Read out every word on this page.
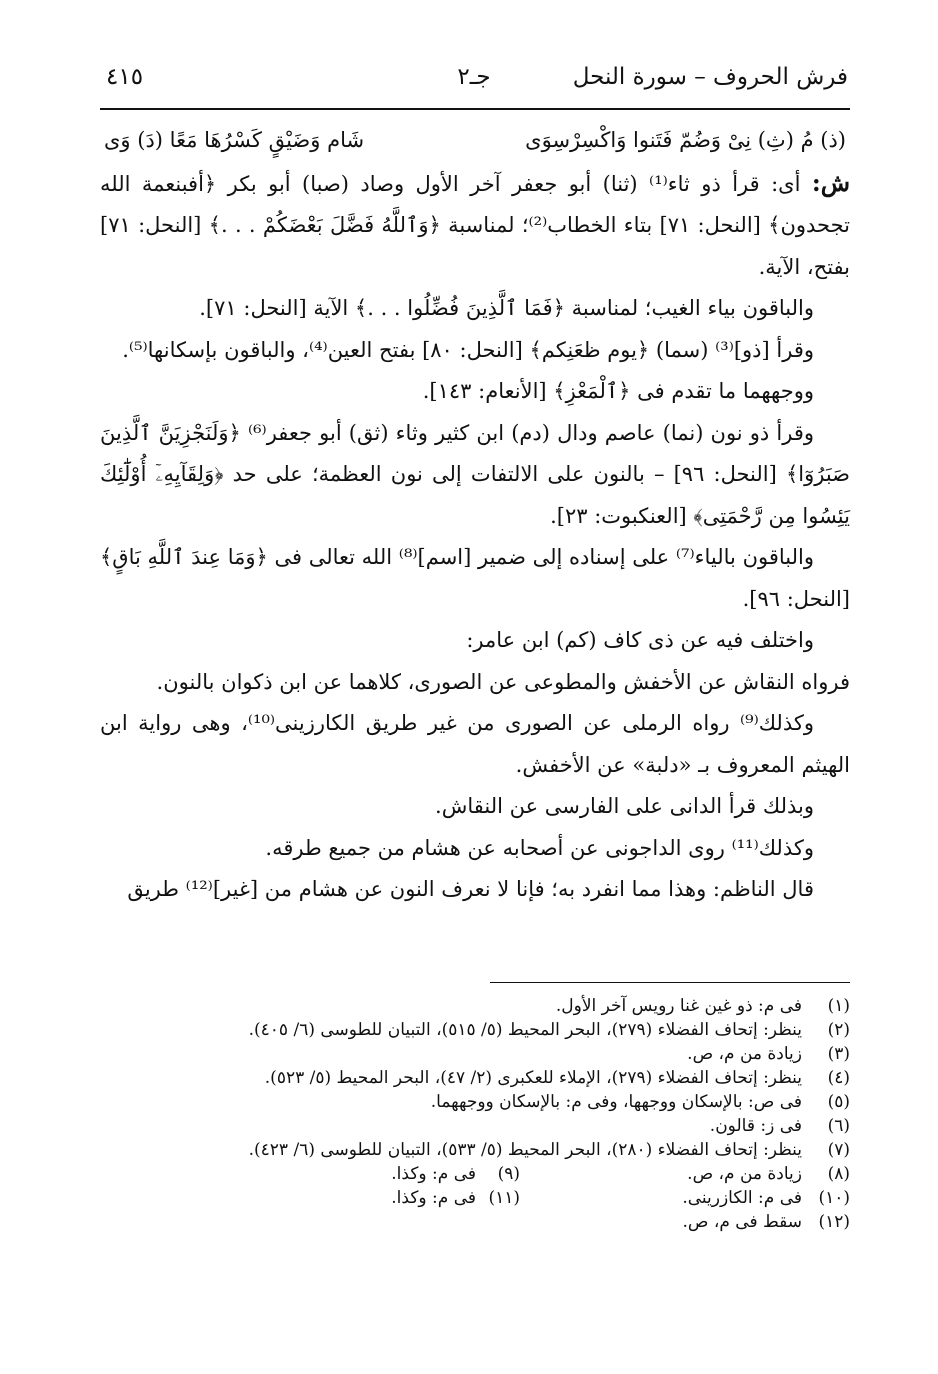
فرش الحروف – سورة النحل
جـ٢
٤١٥
(ذ) مُ (ثِ) نِىْ وَضُمّ فَتَنوا وَاكْسِرْسِوَى
شَام وَضَيْقٍ كَسْرُهَا مَعًا (دَ) وَى

ش: أى: قرأ ذو ثاء⁽¹⁾ (ثنا) أبو جعفر آخر الأول وصاد (صبا) أبو بكر ﴿أفبنعمة الله تجحدون﴾ [النحل: ٧١] بتاء الخطاب⁽²⁾؛ لمناسبة ﴿وَٱللَّهُ فَضَّلَ بَعْضَكُمْ . . .﴾ [النحل: ٧١] بفتح، الآية.

والباقون بياء الغيب؛ لمناسبة ﴿فَمَا ٱلَّذِينَ فُضِّلُوا . . .﴾ الآية [النحل: ٧١].

وقرأ [ذو]⁽³⁾ (سما) ﴿يوم ظعَنِكم﴾ [النحل: ٨٠] بفتح العين⁽⁴⁾، والباقون بإسكانها⁽⁵⁾.

ووجههما ما تقدم فى ﴿ٱلْمَعْزِ﴾ [الأنعام: ١٤٣].

وقرأ ذو نون (نما) عاصم ودال (دم) ابن كثير وثاء (ثق) أبو جعفر⁽⁶⁾ ﴿وَلَنَجْزِيَنَّ ٱلَّذِينَ صَبَرُوٓا﴾ [النحل: ٩٦] – بالنون على الالتفات إلى نون العظمة؛ على حد ﴿وَلِقَآيِهِۦٓ أُوْلَٰٓئِكَ يَئِسُوا مِن رَّحْمَتِى﴾ [العنكبوت: ٢٣].

والباقون بالياء⁽⁷⁾ على إسناده إلى ضمير [اسم]⁽⁸⁾ الله تعالى فى ﴿وَمَا عِندَ ٱللَّهِ بَاقٍ﴾ [النحل: ٩٦].

واختلف فيه عن ذى كاف (كم) ابن عامر:

فرواه النقاش عن الأخفش والمطوعى عن الصورى، كلاهما عن ابن ذكوان بالنون.

وكذلك⁽⁹⁾ رواه الرملى عن الصورى من غير طريق الكارزينى⁽¹⁰⁾، وهى رواية ابن الهيثم المعروف بـ «دلبة» عن الأخفش.

وبذلك قرأ الدانى على الفارسى عن النقاش.

وكذلك⁽¹¹⁾ روى الداجونى عن أصحابه عن هشام من جميع طرقه.

قال الناظم: وهذا مما انفرد به؛ فإنا لا نعرف النون عن هشام من [غير]⁽¹²⁾ طريق

(١)
فى م: ذو غين غنا رويس آخر الأول.
(٢)
ينظر: إتحاف الفضلاء (٢٧٩)، البحر المحيط (٥/ ٥١٥)، التبيان للطوسى (٦/ ٤٠٥).
(٣)
زيادة من م، ص.
(٤)
ينظر: إتحاف الفضلاء (٢٧٩)، الإملاء للعكبرى (٢/ ٤٧)، البحر المحيط (٥/ ٥٢٣).
(٥)
فى ص: بالإسكان ووجهها، وفى م: بالإسكان ووجههما.
(٦)
فى ز: قالون.
(٧)
ينظر: إتحاف الفضلاء (٢٨٠)، البحر المحيط (٥/ ٥٣٣)، التبيان للطوسى (٦/ ٤٢٣).
(٨)
زيادة من م، ص.
(٩)
فى م: وكذا.
(١٠)
فى م: الكازرينى.
(١١)
فى م: وكذا.
(١٢)
سقط فى م، ص.
